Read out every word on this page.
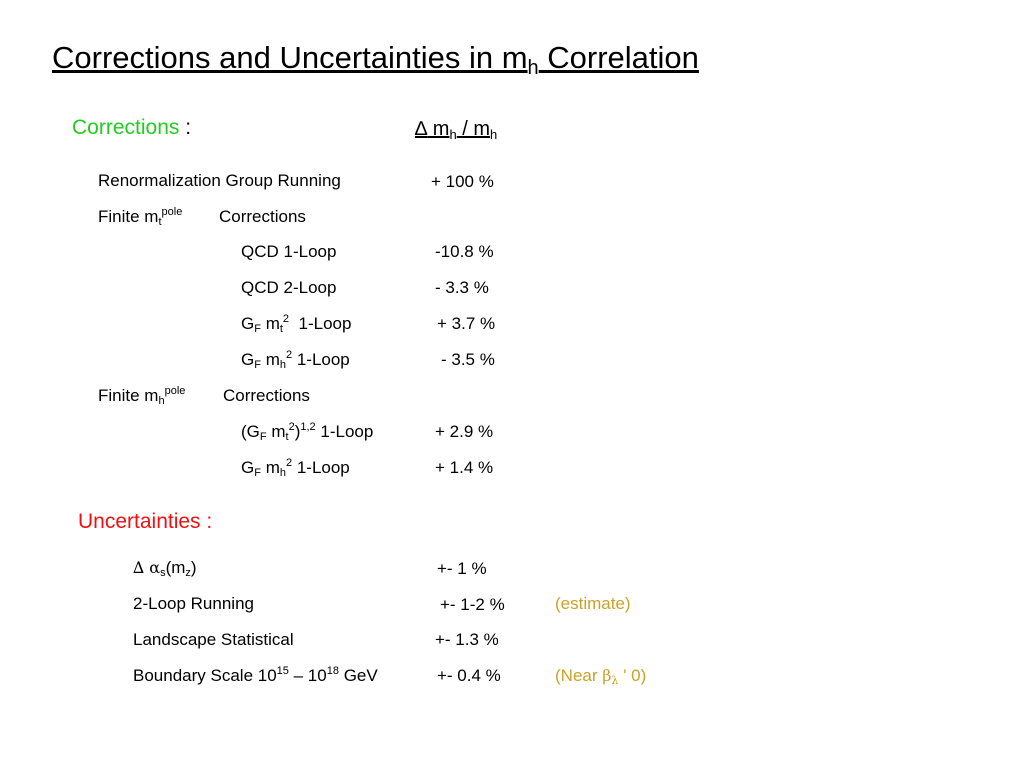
Corrections and Uncertainties in $m_h$ Correlation
Corrections :	∆ $m_h / m_h$
Renormalization Group Running	+ 100 %
Finite $m_t^{pole}$ Corrections
QCD 1-Loop	-10.8 %
QCD 2-Loop	- 3.3 %
$G_F$ $m_t^2$  1-Loop	+ 3.7 %
$G_F$ $m_h^2$ 1-Loop	- 3.5 %
Finite $m_h^{pole}$ Corrections
($G_F$ $m_t^2)^{1,2}$ 1-Loop	+ 2.9 %
$G_F$ $m_h^2$ 1-Loop	+ 1.4 %
Uncertainties :
∆ $\alpha_s(m_z)$	+- 1 %
2-Loop Running	+- 1-2 %	(estimate)
Landscape Statistical	+- 1.3 %
Boundary Scale $10^{15} - 10^{18}$ GeV	+- 0.4 %	(Near $\beta_\lambda$ ' 0)
